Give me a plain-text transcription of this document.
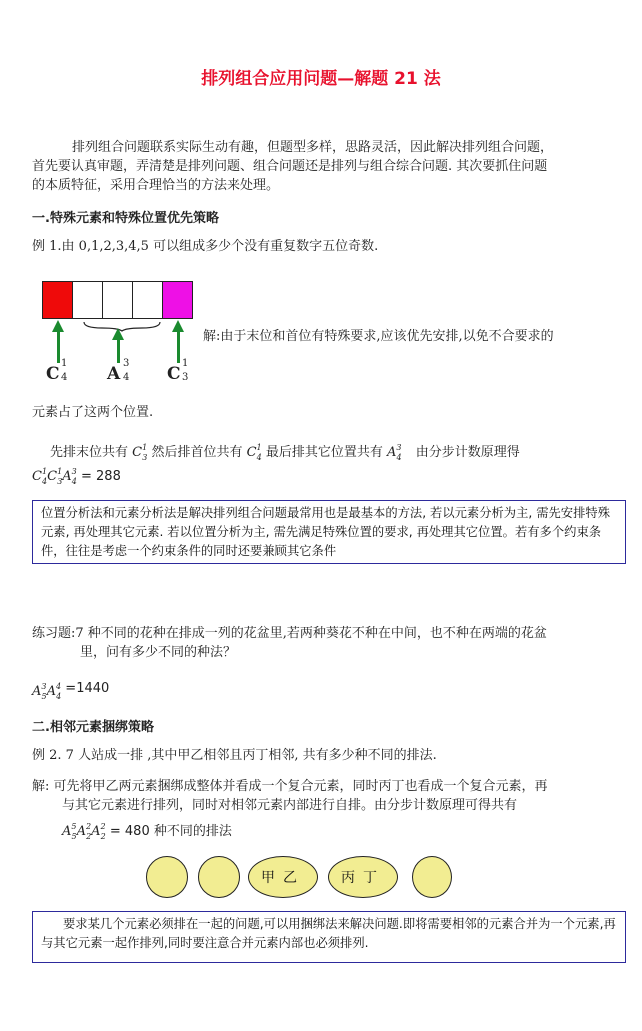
排列组合应用问题—解题 21 法
排列组合问题联系实际生动有趣，但题型多样，思路灵活，因此解决排列组合问题，
首先要认真审题，弄清楚是排列问题、组合问题还是排列与组合综合问题. 其次要抓住问题
的本质特征，采用合理恰当的方法来处理。
一.特殊元素和特殊位置优先策略
例 1.由 0,1,2,3,4,5 可以组成多少个没有重复数字五位奇数.
C
1
4 A
3
4 C
1
3
解:由于末位和首位有特殊要求,应该优先安排,以免不合要求的
元素占了这两个位置.
先排末位共有 $C^1_3$ 然后排首位共有 $C^1_4$ 最后排其它位置共有 $A^3_4$ 由分步计数原理得
$C^1_4C^1_3A^3_4 = 288$
位置分析法和元素分析法是解决排列组合问题最常用也是最基本的方法, 若以元素分析为主, 需先安排特殊元素, 再处理其它元素. 若以位置分析为主, 需先满足特殊位置的要求, 再处理其它位置。若有多个约束条件，往往是考虑一个约束条件的同时还要兼顾其它条件
练习题:7 种不同的花种在排成一列的花盆里,若两种葵花不种在中间，也不种在两端的花盆
里，问有多少不同的种法？
$A^3_5A^4_4 =1440$
二.相邻元素捆绑策略
例 2. 7 人站成一排 ,其中甲乙相邻且丙丁相邻, 共有多少种不同的排法.
解: 可先将甲乙两元素捆绑成整体并看成一个复合元素，同时丙丁也看成一个复合元素，再
与其它元素进行排列，同时对相邻元素内部进行自排。由分步计数原理可得共有
$A^5_5A^2_2A^2_2 = 480$ 种不同的排法
甲乙	丙丁
要求某几个元素必须排在一起的问题,可以用捆绑法来解决问题.即将需要相邻的元素合并为一个元素,再与其它元素一起作排列,同时要注意合并元素内部也必须排列.
